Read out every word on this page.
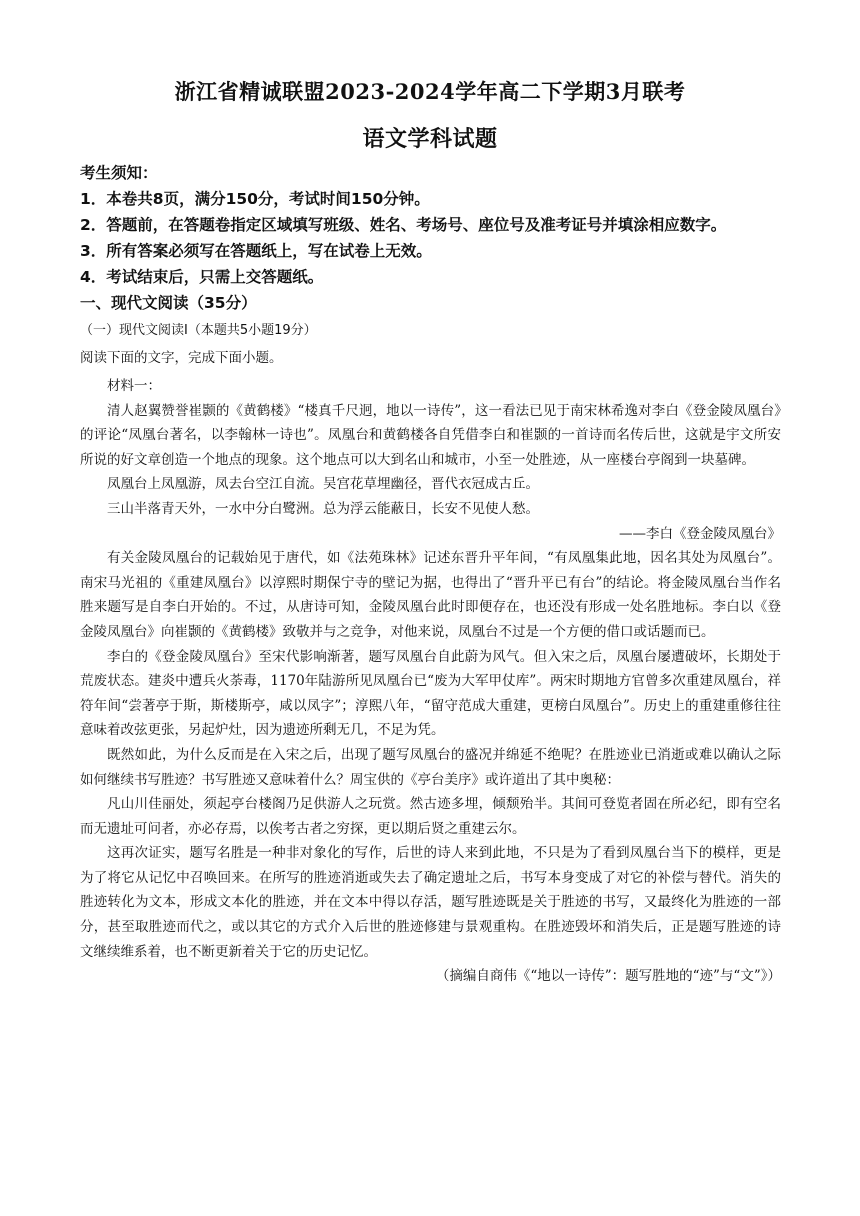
浙江省精诚联盟2023-2024学年高二下学期3月联考
语文学科试题
考生须知：
1．本卷共8页，满分150分，考试时间150分钟。
2．答题前，在答题卷指定区域填写班级、姓名、考场号、座位号及准考证号并填涂相应数字。
3．所有答案必须写在答题纸上，写在试卷上无效。
4．考试结束后，只需上交答题纸。
一、现代文阅读（35分）
（一）现代文阅读Ⅰ（本题共5小题19分）
阅读下面的文字，完成下面小题。

材料一：

清人赵翼赞誉崔颢的《黄鹤楼》“楼真千尺迥，地以一诗传”，这一看法已见于南宋林希逸对李白《登金陵凤凰台》的评论“凤凰台著名，以李翰林一诗也”。凤凰台和黄鹤楼各自凭借李白和崔颢的一首诗而名传后世，这就是宇文所安所说的好文章创造一个地点的现象。这个地点可以大到名山和城市，小至一处胜迹，从一座楼台亭阁到一块墓碑。

凤凰台上凤凰游，凤去台空江自流。吴宫花草埋幽径，晋代衣冠成古丘。

三山半落青天外，一水中分白鹭洲。总为浮云能蔽日，长安不见使人愁。

——李白《登金陵凤凰台》

有关金陵凤凰台的记载始见于唐代，如《法苑珠林》记述东晋升平年间，“有凤凰集此地，因名其处为凤凰台”。南宋马光祖的《重建凤凰台》以淳熙时期保宁寺的壁记为据，也得出了“晋升平已有台”的结论。将金陵凤凰台当作名胜来题写是自李白开始的。不过，从唐诗可知，金陵凤凰台此时即便存在，也还没有形成一处名胜地标。李白以《登金陵凤凰台》向崔颢的《黄鹤楼》致敬并与之竞争，对他来说，凤凰台不过是一个方便的借口或话题而已。

李白的《登金陵凤凰台》至宋代影响渐著，题写凤凰台自此蔚为风气。但入宋之后，凤凰台屡遭破坏，长期处于荒废状态。建炎中遭兵火荼毒，1170年陆游所见凤凰台已“废为大军甲仗库”。两宋时期地方官曾多次重建凤凰台，祥符年间“尝著亭于斯，斯楼斯亭，咸以凤字”；淳熙八年，“留守范成大重建，更榜白凤凰台”。历史上的重建重修往往意味着改弦更张，另起炉灶，因为遗迹所剩无几，不足为凭。

既然如此，为什么反而是在入宋之后，出现了题写凤凰台的盛况并绵延不绝呢？在胜迹业已消逝或难以确认之际如何继续书写胜迹？书写胜迹又意味着什么？周宝供的《亭台美序》或许道出了其中奥秘：

凡山川佳丽处，须起亭台楼阁乃足供游人之玩赏。然古迹多埋，倾颓殆半。其间可登览者固在所必纪，即有空名而无遗址可问者，亦必存焉，以俟考古者之穷探，更以期后贤之重建云尔。

这再次证实，题写名胜是一种非对象化的写作，后世的诗人来到此地，不只是为了看到凤凰台当下的模样，更是为了将它从记忆中召唤回来。在所写的胜迹消逝或失去了确定遗址之后，书写本身变成了对它的补偿与替代。消失的胜迹转化为文本，形成文本化的胜迹，并在文本中得以存活，题写胜迹既是关于胜迹的书写，又最终化为胜迹的一部分，甚至取胜迹而代之，或以其它的方式介入后世的胜迹修建与景观重构。在胜迹毁坏和消失后，正是题写胜迹的诗文继续维系着，也不断更新着关于它的历史记忆。

（摘编自商伟《“地以一诗传”：题写胜地的“迹”与“文”》）
